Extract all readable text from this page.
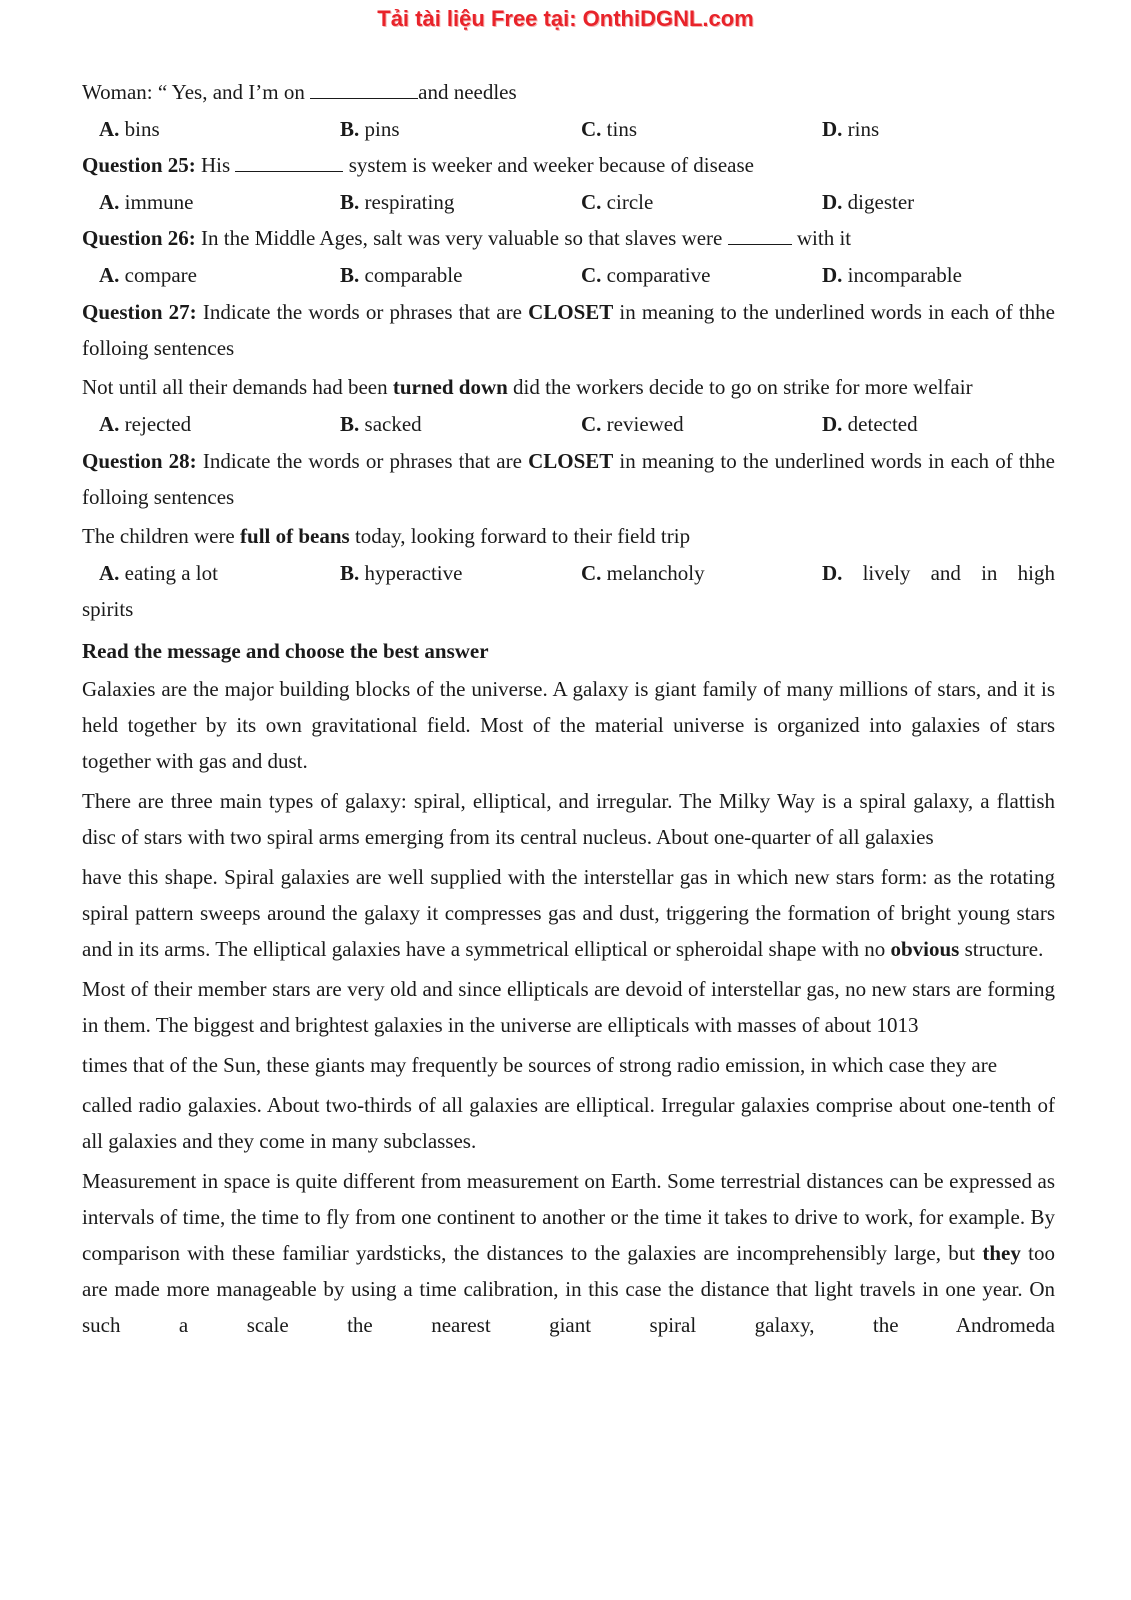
Tải tài liệu Free tại: OnthiDGNL.com

Woman: “ Yes, and I’m on	and needles

A. bins	B. pins	C. tins	D. rins

Question 25: His	system is weeker and weeker because of disease

A. immune	B. respirating	C. circle	D. digester

Question 26: In the Middle Ages, salt was very valuable so that slaves were	with it

A. compare	B. comparable	C. comparative	D. incomparable

Question 27: Indicate the words or phrases that are CLOSET in meaning to the underlined words in each of thhe folloing sentences

Not until all their demands had been turned down did the workers decide to go on strike for more welfair

A. rejected	B. sacked	C. reviewed	D. detected

Question 28: Indicate the words or phrases that are CLOSET in meaning to the underlined words in each of thhe folloing sentences

The children were full of beans today, looking forward to their field trip

A. eating a lot	B. hyperactive	C. melancholy	D. lively and in high

spirits

Read the message and choose the best answer

Galaxies are the major building blocks of the universe. A galaxy is giant family of many millions of stars, and it is held together by its own gravitational field. Most of the material universe is organized into galaxies of stars together with gas and dust.

There are three main types of galaxy: spiral, elliptical, and irregular. The Milky Way is a spiral galaxy, a flattish disc of stars with two spiral arms emerging from its central nucleus. About one-quarter of all galaxies

have this shape. Spiral galaxies are well supplied with the interstellar gas in which new stars form: as the rotating spiral pattern sweeps around the galaxy it compresses gas and dust, triggering the formation of bright young stars and in its arms. The elliptical galaxies have a symmetrical elliptical or spheroidal shape with no obvious structure.

Most of their member stars are very old and since ellipticals are devoid of interstellar gas, no new stars are forming in them. The biggest and brightest galaxies in the universe are ellipticals with masses of about 1013

times that of the Sun, these giants may frequently be sources of strong radio emission, in which case they are

called radio galaxies. About two-thirds of all galaxies are elliptical. Irregular galaxies comprise about one-tenth of all galaxies and they come in many subclasses.

Measurement in space is quite different from measurement on Earth. Some terrestrial distances can be expressed as intervals of time, the time to fly from one continent to another or the time it takes to drive to work, for example. By comparison with these familiar yardsticks, the distances to the galaxies are incomprehensibly large, but they too are made more manageable by using a time calibration, in this case the distance that light travels in one year. On such a scale the nearest giant spiral galaxy, the Andromeda
